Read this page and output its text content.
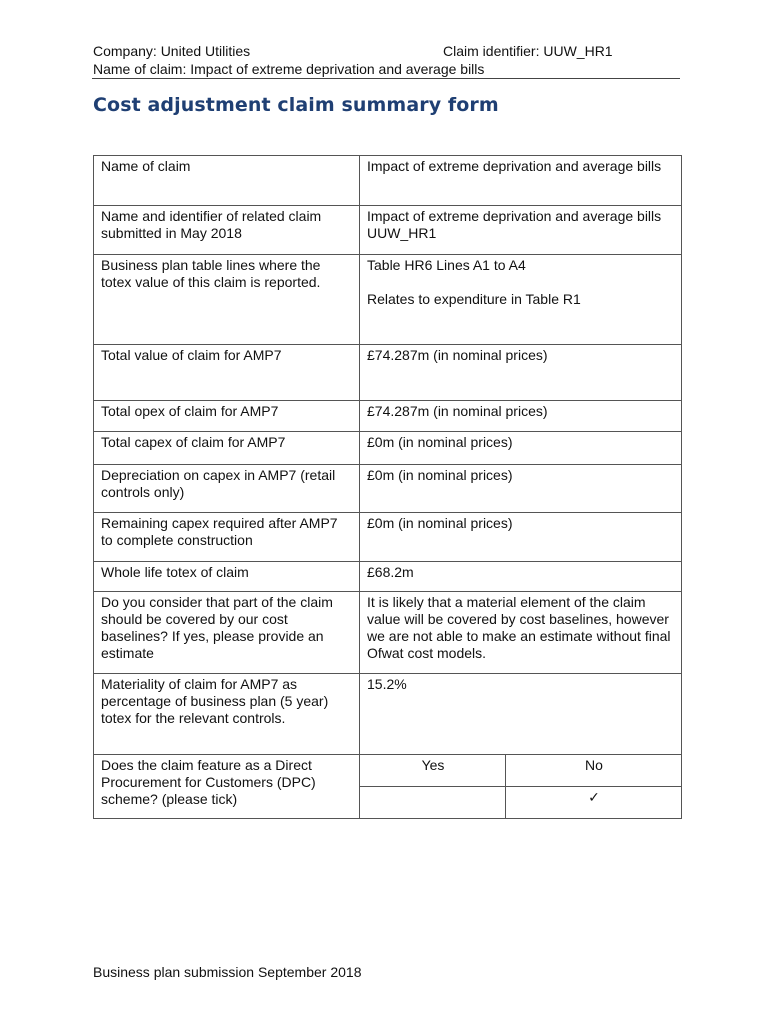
Company: United Utilities	Claim identifier: UUW_HR1
Name of claim: Impact of extreme deprivation and average bills
Cost adjustment claim summary form
Name of claim	Impact of extreme deprivation and average bills	
Name and identifier of related claim submitted in May 2018	Impact of extreme deprivation and average bills UUW_HR1	
Business plan table lines where the totex value of this claim is reported.	Table HR6 Lines A1 to A4
Relates to expenditure in Table R1	
Total value of claim for AMP7	£74.287m (in nominal prices)	
Total opex of claim for AMP7	£74.287m (in nominal prices)	
Total capex of claim for AMP7	£0m (in nominal prices)	
Depreciation on capex in AMP7 (retail controls only)	£0m (in nominal prices)	
Remaining capex required after AMP7 to complete construction	£0m (in nominal prices)	
Whole life totex of claim	£68.2m	
Do you consider that part of the claim should be covered by our cost baselines? If yes, please provide an estimate	It is likely that a material element of the claim value will be covered by cost baselines, however we are not able to make an estimate without final Ofwat cost models.	
Materiality of claim for AMP7 as percentage of business plan (5 year) totex for the relevant controls.	15.2%	
Does the claim feature as a Direct Procurement for Customers (DPC) scheme? (please tick)	Yes	No
		✓
Business plan submission September 2018
